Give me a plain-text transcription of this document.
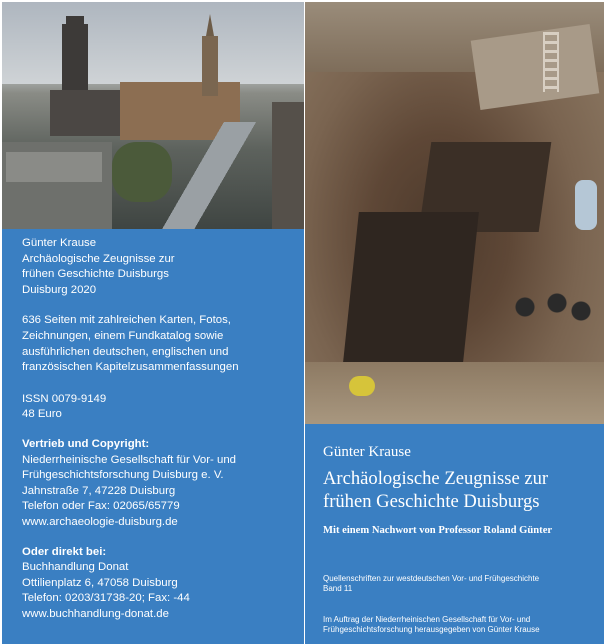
Günter Krause

Archäologische Zeugnisse zur

frühen Geschichte Duisburgs

Duisburg 2020

636 Seiten mit zahlreichen Karten, Fotos,

Zeichnungen, einem Fundkatalog sowie

ausführlichen deutschen, englischen und

französischen Kapitelzusammenfassungen

ISSN 0079-9149

48 Euro

Vertrieb und Copyright:

Niederrheinische Gesellschaft für Vor- und

Frühgeschichtsforschung Duisburg e. V.

Jahnstraße 7, 47228 Duisburg

Telefon oder Fax: 02065/65779

www.archaeologie-duisburg.de

Oder direkt bei:

Buchhandlung Donat

Ottilienplatz 6, 47058 Duisburg

Telefon: 0203/31738-20; Fax: -44

www.buchhandlung-donat.de

Günter Krause

Archäologische Zeugnisse zur
frühen Geschichte Duisburgs

Mit einem Nachwort von Professor Roland Günter

Quellenschriften zur westdeutschen Vor- und Frühgeschichte
Band 11

Im Auftrag der Niederrheinischen Gesellschaft für Vor- und
Frühgeschichtsforschung herausgegeben von Günter Krause
